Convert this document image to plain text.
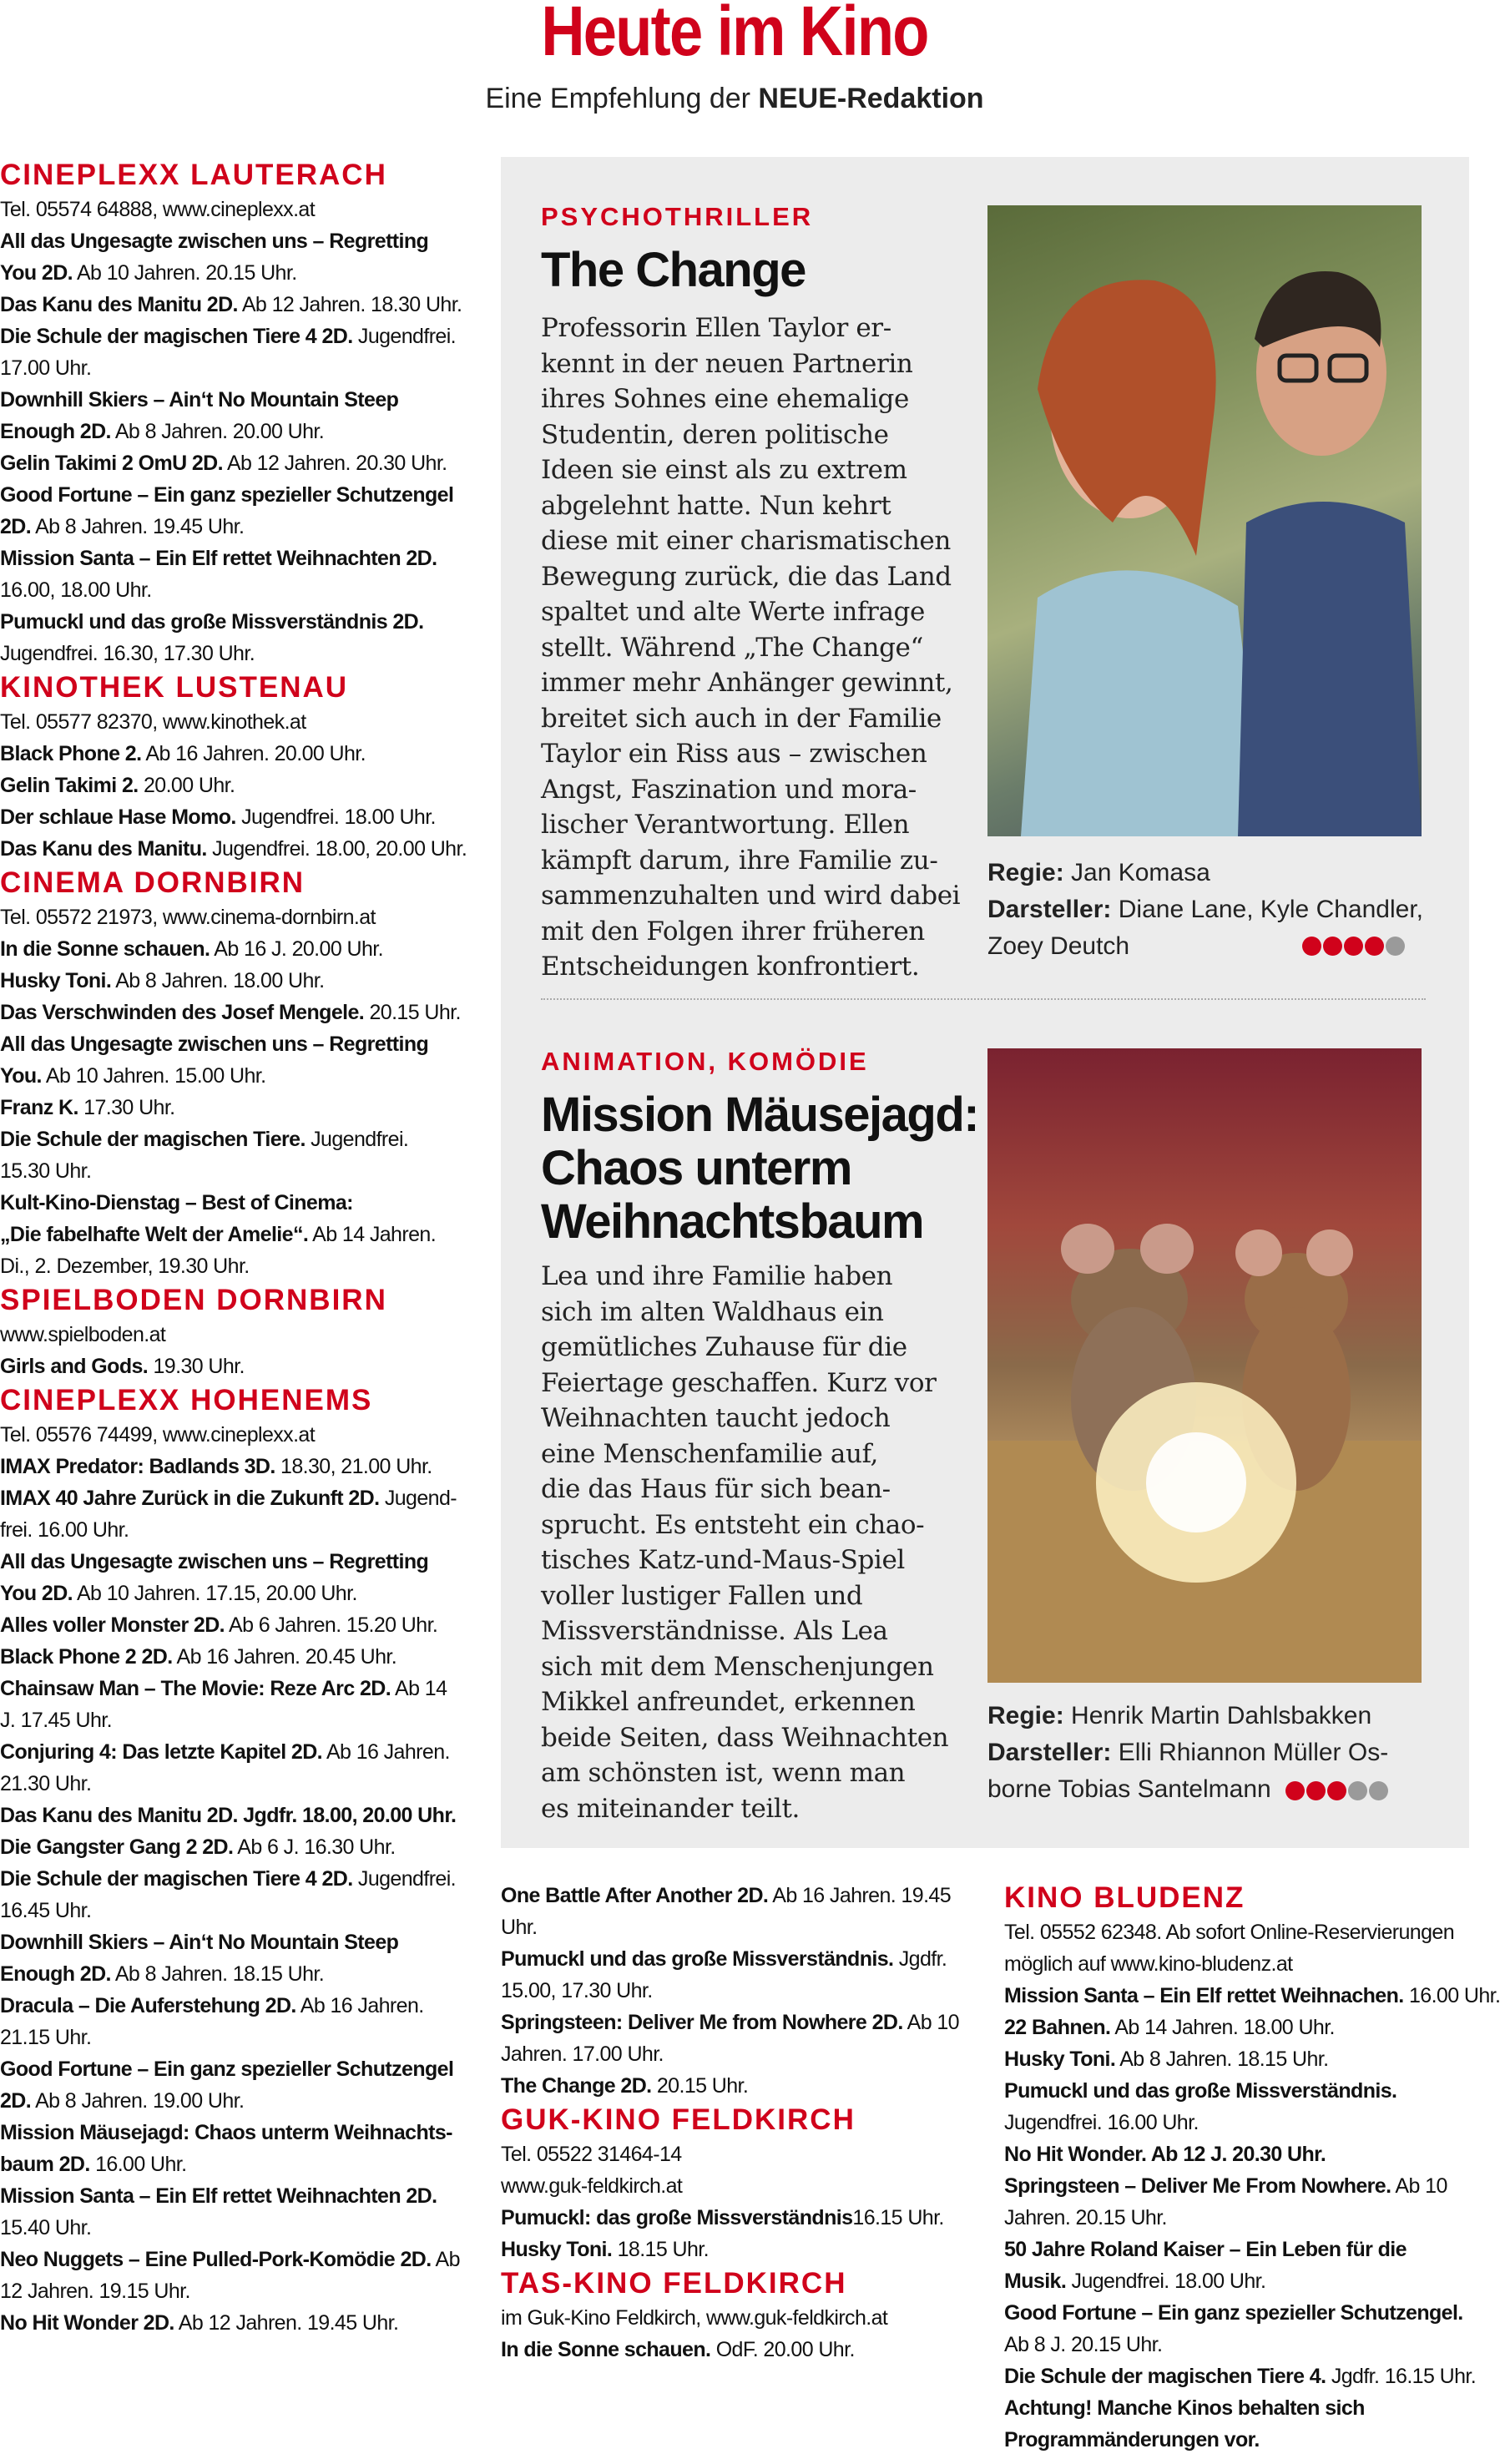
Heute im Kino
Eine Empfehlung der NEUE-Redaktion
CINEPLEXX LAUTERACH
Tel. 05574 64888, www.cineplexx.at
All das Ungesagte zwischen uns – Regretting
You 2D. Ab 10 Jahren. 20.15 Uhr.
Das Kanu des Manitu 2D. Ab 12 Jahren. 18.30 Uhr.
Die Schule der magischen Tiere 4 2D. Jugendfrei.
17.00 Uhr.
Downhill Skiers – Ain‘t No Mountain Steep
Enough 2D. Ab 8 Jahren. 20.00 Uhr.
Gelin Takimi 2 OmU 2D. Ab 12 Jahren. 20.30 Uhr.
Good Fortune – Ein ganz spezieller Schutzengel
2D. Ab 8 Jahren. 19.45 Uhr.
Mission Santa – Ein Elf rettet Weihnachten 2D.
16.00, 18.00 Uhr.
Pumuckl und das große Missverständnis 2D.
Jugendfrei. 16.30, 17.30 Uhr.
KINOTHEK LUSTENAU
Tel. 05577 82370, www.kinothek.at
Black Phone 2. Ab 16 Jahren. 20.00 Uhr.
Gelin Takimi 2. 20.00 Uhr.
Der schlaue Hase Momo. Jugendfrei. 18.00 Uhr.
Das Kanu des Manitu. Jugendfrei. 18.00, 20.00 Uhr.
CINEMA DORNBIRN
Tel. 05572 21973, www.cinema-dornbirn.at
In die Sonne schauen. Ab 16 J. 20.00 Uhr.
Husky Toni. Ab 8 Jahren. 18.00 Uhr.
Das Verschwinden des Josef Mengele. 20.15 Uhr.
All das Ungesagte zwischen uns – Regretting
You. Ab 10 Jahren. 15.00 Uhr.
Franz K. 17.30 Uhr.
Die Schule der magischen Tiere. Jugendfrei.
15.30 Uhr.
Kult-Kino-Dienstag – Best of Cinema:
„Die fabelhafte Welt der Amelie“. Ab 14 Jahren.
Di., 2. Dezember, 19.30 Uhr.
SPIELBODEN DORNBIRN
www.spielboden.at
Girls and Gods. 19.30 Uhr.
CINEPLEXX HOHENEMS
Tel. 05576 74499, www.cineplexx.at
IMAX Predator: Badlands 3D. 18.30, 21.00 Uhr.
IMAX 40 Jahre Zurück in die Zukunft 2D. Jugend-
frei. 16.00 Uhr.
All das Ungesagte zwischen uns – Regretting
You 2D. Ab 10 Jahren. 17.15, 20.00 Uhr.
Alles voller Monster 2D. Ab 6 Jahren. 15.20 Uhr.
Black Phone 2 2D. Ab 16 Jahren. 20.45 Uhr.
Chainsaw Man – The Movie: Reze Arc 2D. Ab 14
J. 17.45 Uhr.
Conjuring 4: Das letzte Kapitel 2D. Ab 16 Jahren.
21.30 Uhr.
Das Kanu des Manitu 2D. Jgdfr. 18.00, 20.00 Uhr.
Die Gangster Gang 2 2D. Ab 6 J. 16.30 Uhr.
Die Schule der magischen Tiere 4 2D. Jugendfrei.
16.45 Uhr.
Downhill Skiers – Ain‘t No Mountain Steep
Enough 2D. Ab 8 Jahren. 18.15 Uhr.
Dracula – Die Auferstehung 2D. Ab 16 Jahren.
21.15 Uhr.
Good Fortune – Ein ganz spezieller Schutzengel
2D. Ab 8 Jahren. 19.00 Uhr.
Mission Mäusejagd: Chaos unterm Weihnachts-
baum 2D. 16.00 Uhr.
Mission Santa – Ein Elf rettet Weihnachten 2D.
15.40 Uhr.
Neo Nuggets – Eine Pulled-Pork-Komödie 2D. Ab
12 Jahren. 19.15 Uhr.
No Hit Wonder 2D. Ab 12 Jahren. 19.45 Uhr.
PSYCHOTHRILLER
The Change
Professorin Ellen Taylor er-
kennt in der neuen Partnerin
ihres Sohnes eine ehemalige
Studentin, deren politische
Ideen sie einst als zu extrem
abgelehnt hatte. Nun kehrt
diese mit einer charismatischen
Bewegung zurück, die das Land
spaltet und alte Werte infrage
stellt. Während „The Change“
immer mehr Anhänger gewinnt,
breitet sich auch in der Familie
Taylor ein Riss aus – zwischen
Angst, Faszination und mora-
lischer Verantwortung. Ellen
kämpft darum, ihre Familie zu-
sammenzuhalten und wird dabei
mit den Folgen ihrer früheren
Entscheidungen konfrontiert.
Regie: Jan Komasa
Darsteller: Diane Lane, Kyle Chandler,
Zoey Deutch
ANIMATION, KOMÖDIE
Mission Mäusejagd:
Chaos unterm
Weihnachtsbaum
Lea und ihre Familie haben
sich im alten Waldhaus ein
gemütliches Zuhause für die
Feiertage geschaffen. Kurz vor
Weihnachten taucht jedoch
eine Menschenfamilie auf,
die das Haus für sich bean-
sprucht. Es entsteht ein chao-
tisches Katz-und-Maus-Spiel
voller lustiger Fallen und
Missverständnisse. Als Lea
sich mit dem Menschenjungen
Mikkel anfreundet, erkennen
beide Seiten, dass Weihnachten
am schönsten ist, wenn man
es miteinander teilt.
Regie: Henrik Martin Dahlsbakken
Darsteller: Elli Rhiannon Müller Os-
borne Tobias Santelmann
One Battle After Another 2D. Ab 16 Jahren. 19.45
Uhr.
Pumuckl und das große Missverständnis. Jgdfr.
15.00, 17.30 Uhr.
Springsteen: Deliver Me from Nowhere 2D. Ab 10
Jahren. 17.00 Uhr.
The Change 2D. 20.15 Uhr.
GUK-KINO FELDKIRCH
Tel. 05522 31464-14
www.guk-feldkirch.at
Pumuckl: das große Missverständnis16.15 Uhr.
Husky Toni. 18.15 Uhr.
TAS-KINO FELDKIRCH
im Guk-Kino Feldkirch, www.guk-feldkirch.at
In die Sonne schauen. OdF. 20.00 Uhr.
KINO BLUDENZ
Tel. 05552 62348. Ab sofort Online-Reservierungen
möglich auf www.kino-bludenz.at
Mission Santa – Ein Elf rettet Weihnachen. 16.00 Uhr.
22 Bahnen. Ab 14 Jahren. 18.00 Uhr.
Husky Toni. Ab 8 Jahren. 18.15 Uhr.
Pumuckl und das große Missverständnis.
Jugendfrei. 16.00 Uhr.
No Hit Wonder. Ab 12 J. 20.30 Uhr.
Springsteen – Deliver Me From Nowhere. Ab 10
Jahren. 20.15 Uhr.
50 Jahre Roland Kaiser – Ein Leben für die
Musik. Jugendfrei. 18.00 Uhr.
Good Fortune – Ein ganz spezieller Schutzengel.
Ab 8 J. 20.15 Uhr.
Die Schule der magischen Tiere 4. Jgdfr. 16.15 Uhr.
Achtung! Manche Kinos behalten sich
Programmänderungen vor.
